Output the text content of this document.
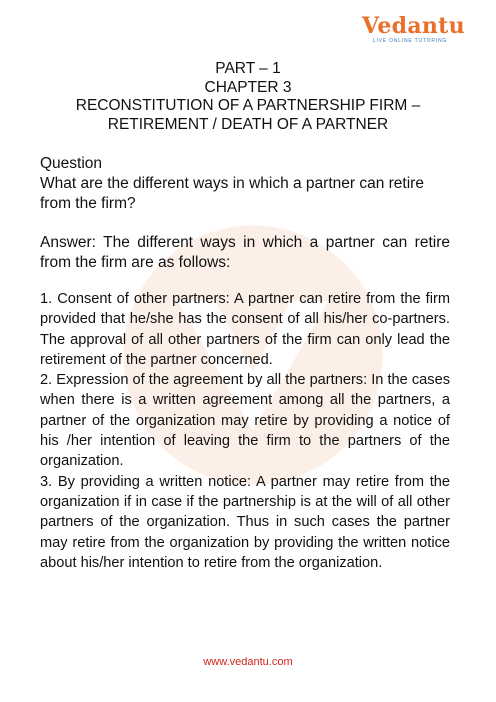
Vedantu
LIVE ONLINE TUTORING
PART – 1
CHAPTER 3
RECONSTITUTION OF A PARTNERSHIP FIRM –
RETIREMENT / DEATH OF A PARTNER
Question
What are the different ways in which a partner can retire from the firm?
Answer: The different ways in which a partner can retire from the firm are as follows:

1. Consent of other partners: A partner can retire from the firm provided that he/she has the consent of all his/her co-partners. The approval of all other partners of the firm can only lead the retirement of the partner concerned.

2. Expression of the agreement by all the partners: In the cases when there is a written agreement among all the partners, a partner of the organization may retire by providing a notice of his /her intention of leaving the firm to the partners of the organization.

3. By providing a written notice: A partner may retire from the organization if in case if the partnership is at the will of all other partners of the organization. Thus in such cases the partner may retire from the organization by providing the written notice about his/her intention to retire from the organization.

www.vedantu.com
